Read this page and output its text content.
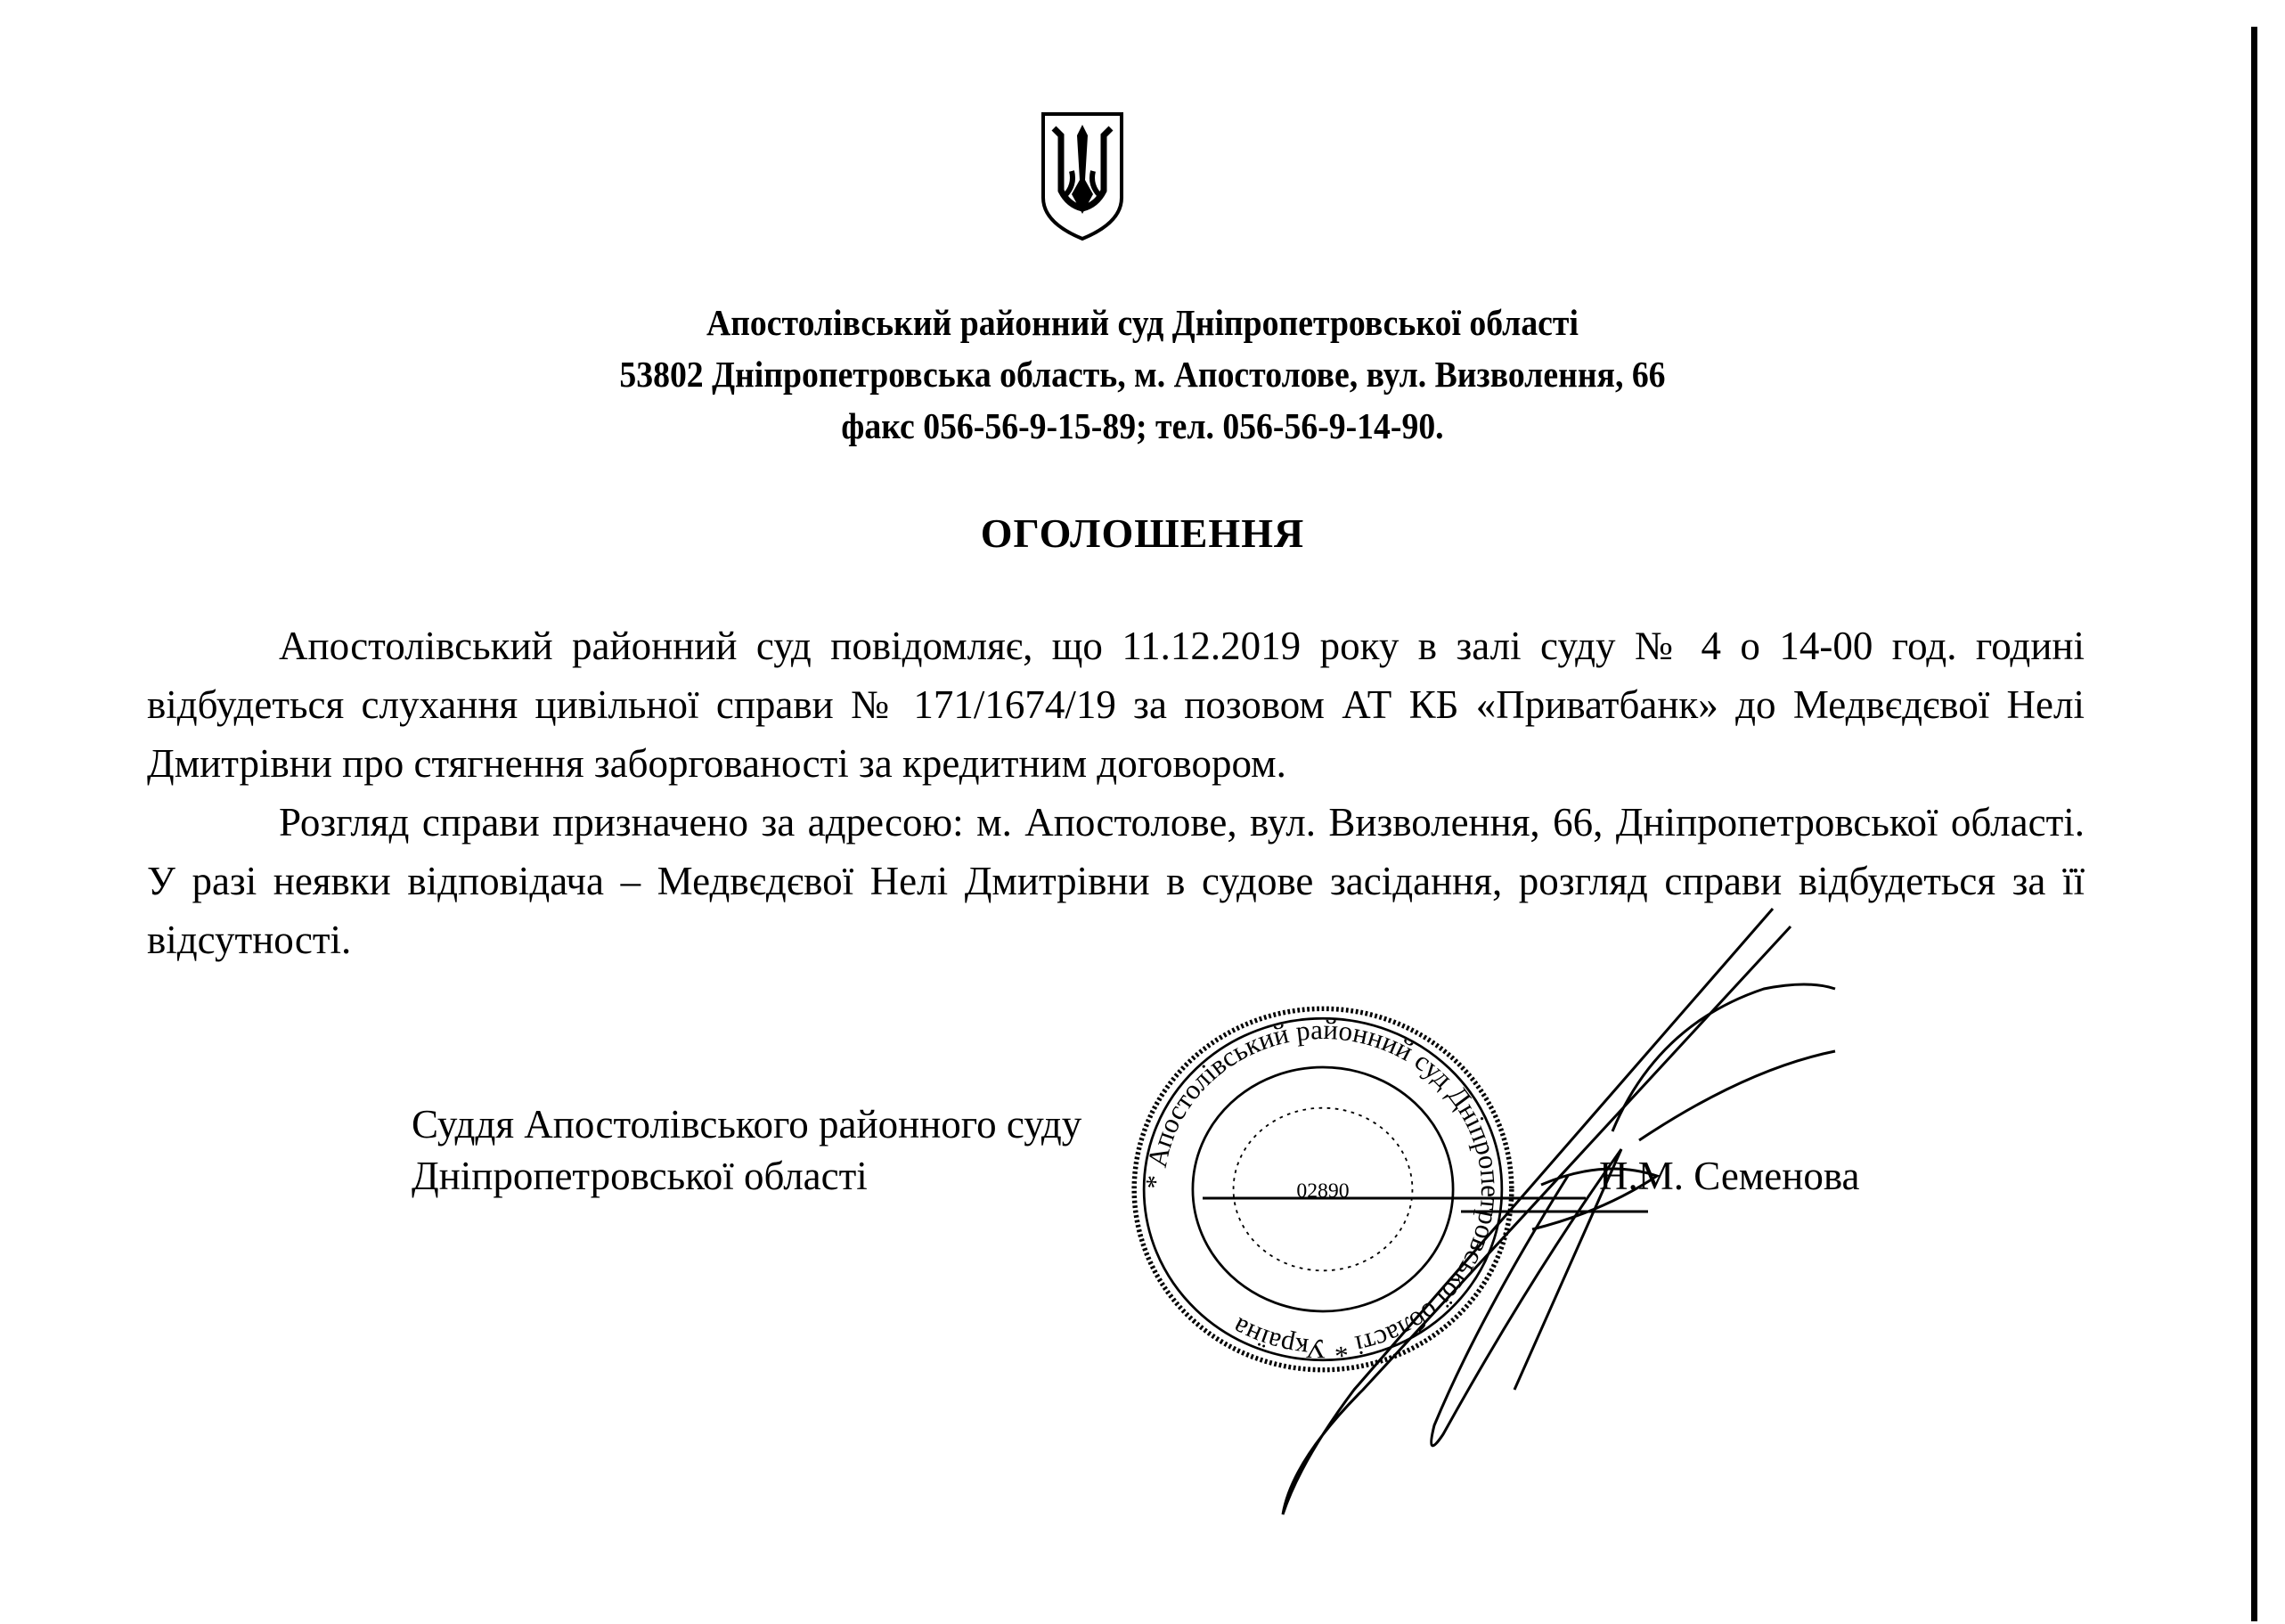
Апостолівський районний суд Дніпропетровської області
53802 Дніпропетровська область, м. Апостолове, вул. Визволення, 66
факс 056-56-9-15-89; тел. 056-56-9-14-90.
ОГОЛОШЕННЯ

Апостолівський районний суд повідомляє, що 11.12.2019 року в залі суду № 4 о 14-00 год. годині відбудеться слухання цивільної справи № 171/1674/19 за позовом АТ КБ «Приватбанк» до Медвєдєвої Нелі Дмитрівни про стягнення заборгованості за кредитним договором.

Розгляд справи призначено за адресою: м. Апостолове, вул. Визволення, 66, Дніпропетровської області. У разі неявки відповідача – Медвєдєвої Нелі Дмитрівни в судове засідання, розгляд справи відбудеться за її відсутності.

Суддя Апостолівського районного суду
Дніпропетровської області	Н.М. Семенова
* Апостолівський районний суд Дніпропетровської області * Україна
02890
